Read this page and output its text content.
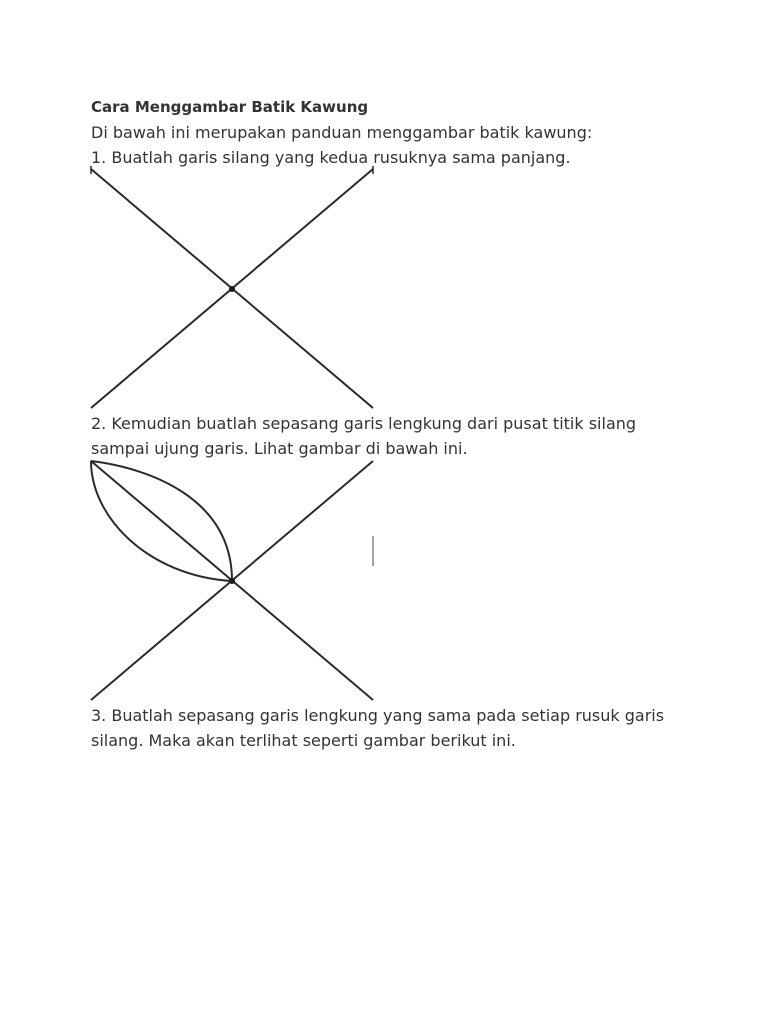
Cara Menggambar Batik Kawung
Di bawah ini merupakan panduan menggambar batik kawung:
1. Buatlah garis silang yang kedua rusuknya sama panjang.
2. Kemudian buatlah sepasang garis lengkung dari pusat titik silang
sampai ujung garis. Lihat gambar di bawah ini.
3. Buatlah sepasang garis lengkung yang sama pada setiap rusuk garis
silang. Maka akan terlihat seperti gambar berikut ini.
